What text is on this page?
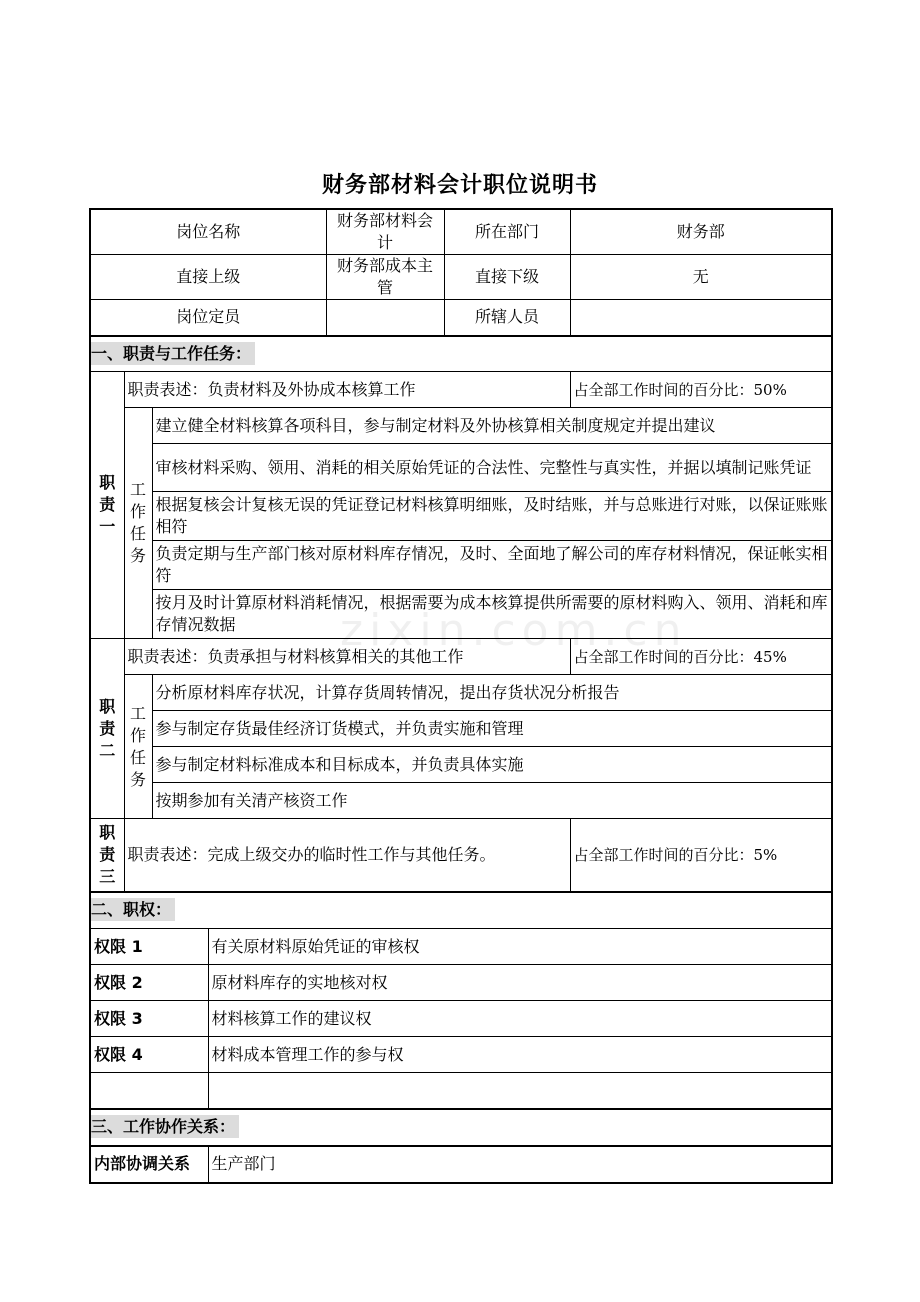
财务部材料会计职位说明书
岗位名称				财务部材料会计	所在部门	财务部
直接上级				财务部成本主管	直接下级	无
岗位定员					所辖人员	
一、职责与工作任务：						

职
责
一	职责表述：负责材料及外协成本核算工作					占全部工作时间的百分比：50%

	工
作
任
务	建立健全材料核算各项科目，参与制定材料及外协核算相关制度规定并提出建议				
		审核材料采购、领用、消耗的相关原始凭证的合法性、完整性与真实性，并据以填制记账凭证				
		根据复核会计复核无误的凭证登记材料核算明细账，及时结账，并与总账进行对账，以保证账账相符				
		负责定期与生产部门核对原材料库存情况，及时、全面地了解公司的库存材料情况，保证帐实相符				
		按月及时计算原材料消耗情况，根据需要为成本核算提供所需要的原材料购入、领用、消耗和库存情况数据				

职
责
二	职责表述：负责承担与材料核算相关的其他工作					占全部工作时间的百分比：45%

	工
作
任
务	分析原材料库存状况，计算存货周转情况，提出存货状况分析报告				
		参与制定存货最佳经济订货模式，并负责实施和管理				
		参与制定材料标准成本和目标成本，并负责具体实施				
		按期参加有关清产核资工作				

职
责
三	职责表述：完成上级交办的临时性工作与其他任务。					占全部工作时间的百分比：5%
二、职权：						
权限 1			有关原材料原始凭证的审核权			
权限 2			原材料库存的实地核对权			
权限 3			材料核算工作的建议权			
权限 4			材料成本管理工作的参与权			

三、工作协作关系：						
内部协调关系			生产部门			
zixin.com.cn
